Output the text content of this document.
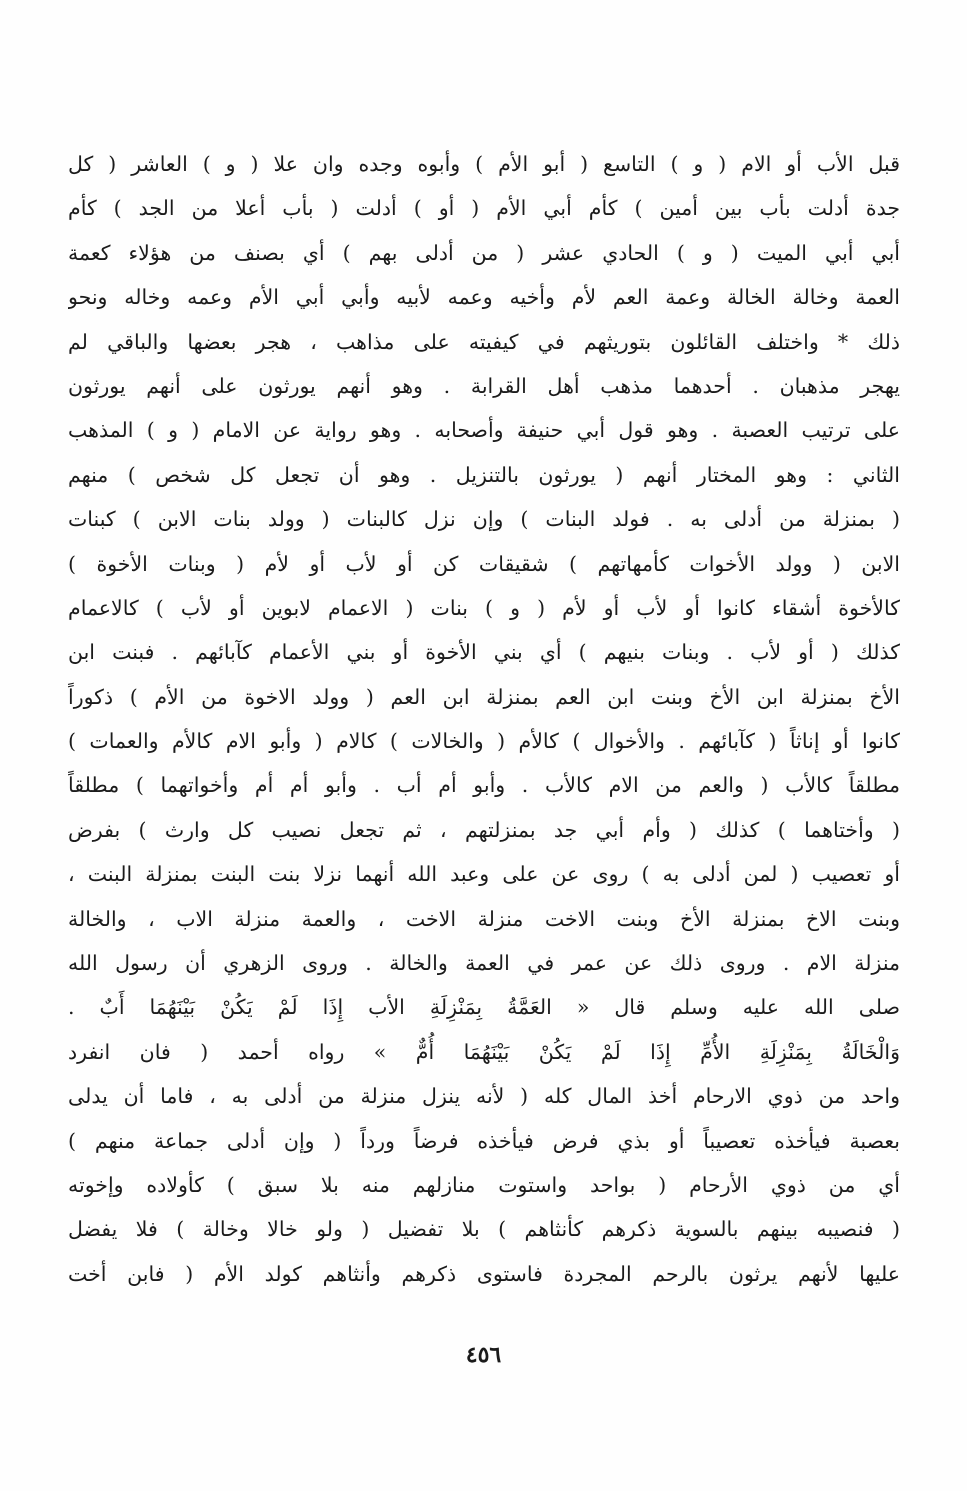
قبل الأب أو الام ( و ) التاسع ( أبو الأم ) وأبوه وجده وان علا ( و ) العاشر ( كل
جدة أدلت بأب بين أمين ) كأم أبي الأم ( أو ) أدلت ( بأب أعلا من الجد ) كأم
أبي أبي الميت ( و ) الحادي عشر ( من أدلى بهم ) أي بصنف من هؤلاء كعمة
العمة وخالة الخالة وعمة العم لأم وأخيه وعمه لأبيه وأبي أبي الأم وعمه وخاله ونحو
ذلك * واختلف القائلون بتوريثهم في كيفيته على مذاهب ، هجر بعضها والباقي لم
يهجر مذهبان . أحدهما مذهب أهل القرابة . وهو أنهم يورثون على أنهم يورثون
على ترتيب العصبة . وهو قول أبي حنيفة وأصحابه . وهو رواية عن الامام ( و ) المذهب
الثاني : وهو المختار أنهم ( يورثون بالتنزيل . وهو أن تجعل كل شخص ) منهم
( بمنزلة من أدلى به . فولد البنات ) وإن نزل كالبنات ( وولد بنات الابن ) كبنات
الابن ( وولد الأخوات كأمهاتهم ) شقيقات كن أو لأب أو لأم ( وبنات الأخوة )
كالأخوة أشقاء كانوا أو لأب أو لأم ( و ) بنات ( الاعمام لابوين أو لأب ) كالاعمام
كذلك ( أو لأب . وبنات بنيهم ) أي بني الأخوة أو بني الأعمام كآبائهم . فبنت ابن
الأخ بمنزلة ابن الأخ وبنت ابن العم بمنزلة ابن العم ( وولد الاخوة من الأم ) ذكوراً
كانوا أو إناثاً ( كآبائهم . والأخوال ) كالأم ( والخالات ) كالام ( وأبو الام كالأم والعمات )
مطلقاً كالأب ( والعم من الام كالأب . وأبو أم أب . وأبو أم أم وأخواتهما ) مطلقاً
( وأختاهما ) كذلك ( وأم أبي جد بمنزلتهم ، ثم تجعل نصيب كل وارث ) بفرض
أو تعصيب ( لمن أدلى به ) روى عن على وعبد الله أنهما نزلا بنت البنت بمنزلة البنت ،
وبنت الاخ بمنزلة الأخ وبنت الاخت منزلة الاخت ، والعمة منزلة الاب ، والخالة
منزلة الام . وروى ذلك عن عمر في العمة والخالة . وروى الزهري أن رسول الله
صلى الله عليه وسلم قال « العَمَّةُ بِمَنْزِلَةِ الأب إِذَا لَمْ يَكُنْ بَيْنَهُمَا أَبٌ .
وَالْخَالَةُ بِمَنْزِلَةِ الأُمِّ إِذَا لَمْ يَكُنْ بَيْنَهُمَا أُمٌّ » رواه أحمد ( فان انفرد
واحد من ذوي الارحام أخذ المال كله ( لأنه ينزل منزلة من أدلى به ، فاما أن يدلى
بعصبة فيأخذه تعصيباً أو بذي فرض فيأخذه فرضاً ورداً ( وإن أدلى جماعة منهم )
أي من ذوي الأرحام ( بواحد واستوت منازلهم منه بلا سبق ) كأولاده وإخوته
( فنصيبه بينهم بالسوية ذكرهم كأنثاهم ) بلا تفضيل ( ولو خالا وخالة ) فلا يفضل
عليها لأنهم يرثون بالرحم المجردة فاستوى ذكرهم وأنثاهم كولد الأم ( فابن أخت
٤٥٦
